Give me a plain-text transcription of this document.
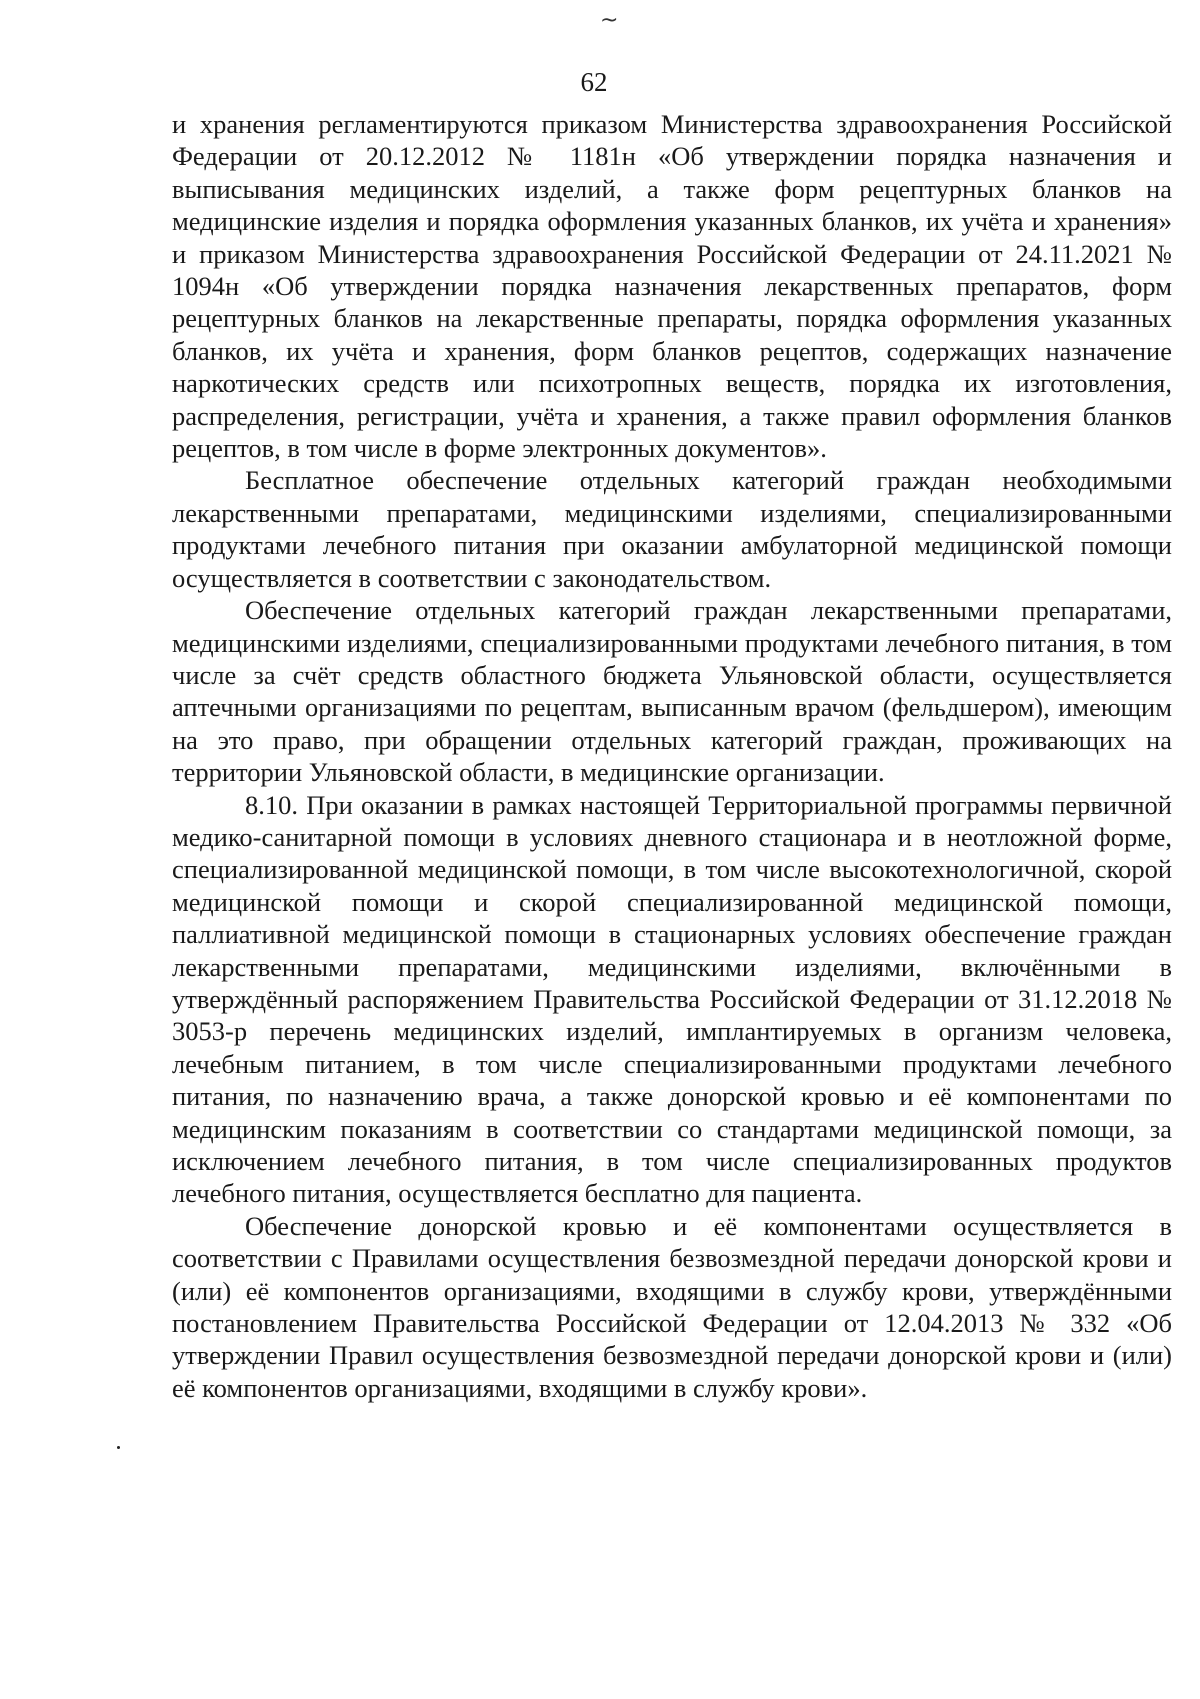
~
62

и хранения регламентируются приказом Министерства здравоохранения Российской Федерации от 20.12.2012 № 1181н «Об утверждении порядка назначения и выписывания медицинских изделий, а также форм рецептурных бланков на медицинские изделия и порядка оформления указанных бланков, их учёта и хранения» и приказом Министерства здравоохранения Российской Федерации от 24.11.2021 № 1094н «Об утверждении порядка назначения лекарственных препаратов, форм рецептурных бланков на лекарственные препараты, порядка оформления указанных бланков, их учёта и хранения, форм бланков рецептов, содержащих назначение наркотических средств или психотропных веществ, порядка их изготовления, распределения, регистрации, учёта и хранения, а также правил оформления бланков рецептов, в том числе в форме электронных документов».

Бесплатное обеспечение отдельных категорий граждан необходимыми лекарственными препаратами, медицинскими изделиями, специализированными продуктами лечебного питания при оказании амбулаторной медицинской помощи осуществляется в соответствии с законодательством.

Обеспечение отдельных категорий граждан лекарственными препаратами, медицинскими изделиями, специализированными продуктами лечебного питания, в том числе за счёт средств областного бюджета Ульяновской области, осуществляется аптечными организациями по рецептам, выписанным врачом (фельдшером), имеющим на это право, при обращении отдельных категорий граждан, проживающих на территории Ульяновской области, в медицинские организации.

8.10. При оказании в рамках настоящей Территориальной программы первичной медико-санитарной помощи в условиях дневного стационара и в неотложной форме, специализированной медицинской помощи, в том числе высокотехнологичной, скорой медицинской помощи и скорой специализированной медицинской помощи, паллиативной медицинской помощи в стационарных условиях обеспечение граждан лекарственными препаратами, медицинскими изделиями, включёнными в утверждённый распоряжением Правительства Российской Федерации от 31.12.2018 № 3053-р перечень медицинских изделий, имплантируемых в организм человека, лечебным питанием, в том числе специализированными продуктами лечебного питания, по назначению врача, а также донорской кровью и её компонентами по медицинским показаниям в соответствии со стандартами медицинской помощи, за исключением лечебного питания, в том числе специализированных продуктов лечебного питания, осуществляется бесплатно для пациента.

Обеспечение донорской кровью и её компонентами осуществляется в соответствии с Правилами осуществления безвозмездной передачи донорской крови и (или) её компонентов организациями, входящими в службу крови, утверждёнными постановлением Правительства Российской Федерации от 12.04.2013 № 332 «Об утверждении Правил осуществления безвозмездной передачи донорской крови и (или) её компонентов организациями, входящими в службу крови».
